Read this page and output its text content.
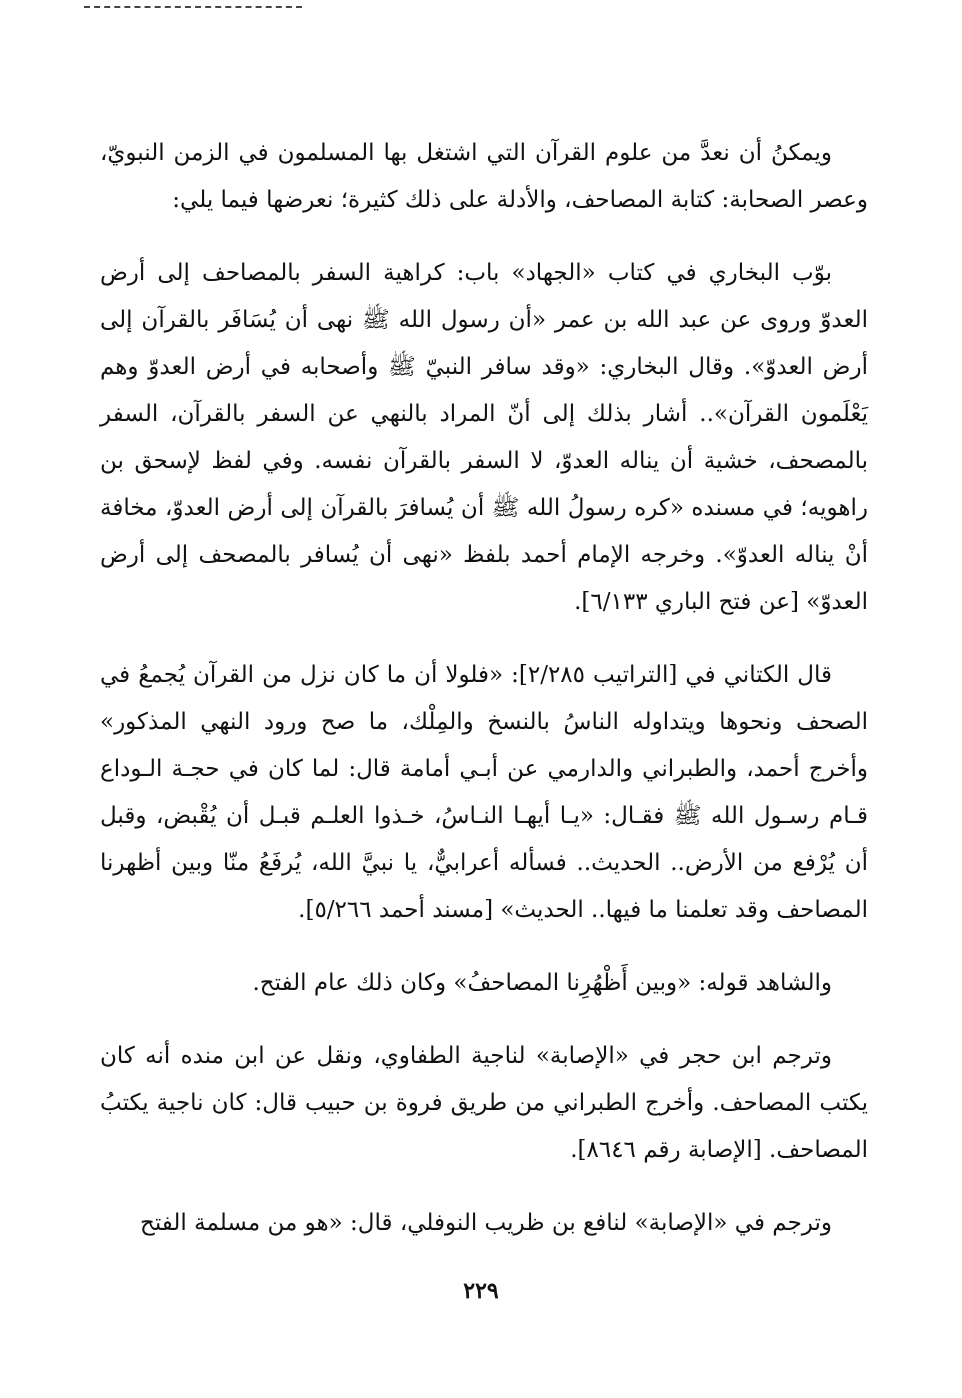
ويمكنُ أن نعدَّ من علوم القرآن التي اشتغل بها المسلمون في الزمن النبويّ، وعصر الصحابة: كتابة المصاحف، والأدلة على ذلك كثيرة؛ نعرضها فيما يلي:

بوّب البخاري في كتاب «الجهاد» باب: كراهية السفر بالمصاحف إلى أرض العدوّ وروى عن عبد الله بن عمر «أن رسول الله ﷺ نهى أن يُسَافَر بالقرآن إلى أرض العدوّ». وقال البخاري: «وقد سافر النبيّ ﷺ وأصحابه في أرض العدوّ وهم يَعْلَمون القرآن».. أشار بذلك إلى أنّ المراد بالنهي عن السفر بالقرآن، السفر بالمصحف، خشية أن يناله العدوّ، لا السفر بالقرآن نفسه. وفي لفظ لإسحق بن راهويه؛ في مسنده «كره رسولُ الله ﷺ أن يُسافرَ بالقرآن إلى أرض العدوّ، مخافة أنْ يناله العدوّ». وخرجه الإمام أحمد بلفظ «نهى أن يُسافر بالمصحف إلى أرض العدوّ» [عن فتح الباري ٦/١٣٣].

قال الكتاني في [التراتيب ٢/٢٨٥]: «فلولا أن ما كان نزل من القرآن يُجمعُ في الصحف ونحوها ويتداوله الناسُ بالنسخ والمِلْك، ما صح ورود النهي المذكور» وأخرج أحمد، والطبراني والدارمي عن أبـي أمامة قال: لما كان في حجـة الـوداع قـام رسـول الله ﷺ فقـال: «يـا أيهـا النـاسُ، خـذوا العلـم قبـل أن يُقْبض، وقبل أن يُرْفع من الأرض.. الحديث.. فسأله أعرابيٌّ، يا نبيَّ الله، يُرفَعُ منّا وبين أظهرنا المصاحف وقد تعلمنا ما فيها.. الحديث» [مسند أحمد ٥/٢٦٦].

والشاهد قوله: «وبين أَظْهُرِنا المصاحفُ» وكان ذلك عام الفتح.

وترجم ابن حجر في «الإصابة» لناجية الطفاوي، ونقل عن ابن منده أنه كان يكتب المصاحف. وأخرج الطبراني من طريق فروة بن حبيب قال: كان ناجية يكتبُ المصاحف. [الإصابة رقم ٨٦٤٦].

وترجم في «الإصابة» لنافع بن ظريب النوفلي، قال: «هو من مسلمة الفتح

٢٢٩
